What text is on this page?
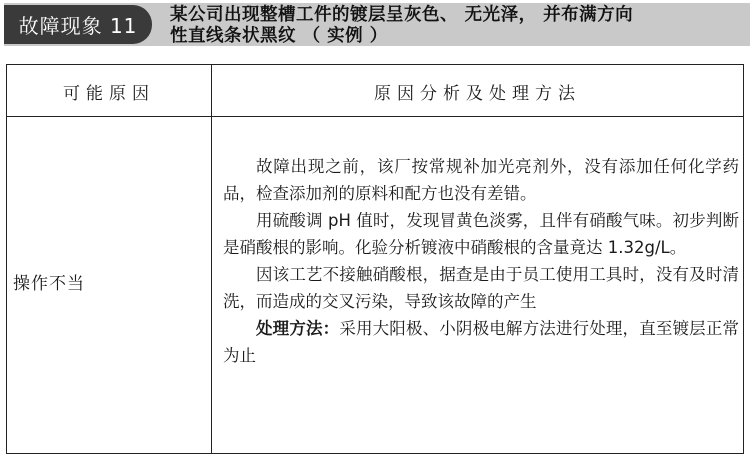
故障现象 11	某公司出现整槽工件的镀层呈灰色、 无光泽， 并布满方向
性直线条状黑纹 （ 实例 ）
可能原因	原因分析及处理方法
操作不当

故障出现之前，该厂按常规补加光亮剂外，没有添加任何化学药品，检查添加剂的原料和配方也没有差错。

用硫酸调 pH 值时，发现冒黄色淡雾，且伴有硝酸气味。初步判断是硝酸根的影响。化验分析镀液中硝酸根的含量竟达 1.32g/L。

因该工艺不接触硝酸根，据查是由于员工使用工具时，没有及时清洗，而造成的交叉污染，导致该故障的产生

处理方法：采用大阳极、小阴极电解方法进行处理，直至镀层正常为止
